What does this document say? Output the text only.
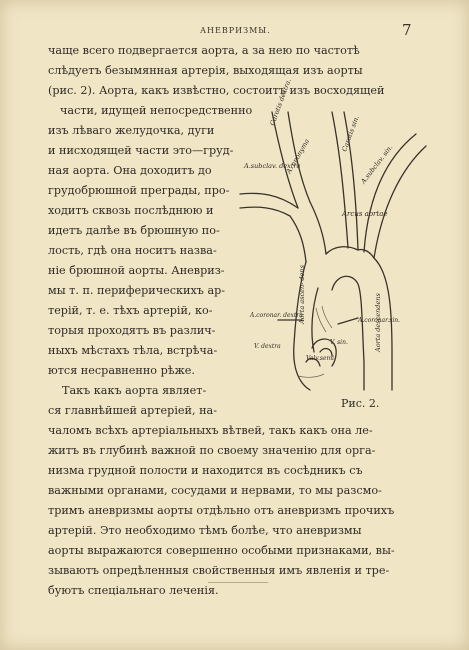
АНЕВРИЗМЫ.	7
чаще всего подвергается аорта, а за нею по частотѣ
слѣдуетъ безымянная артерія, выходящая изъ аорты
(рис. 2). Аорта, какъ извѣстно, состоитъ изъ восходящей
части, идущей непосредственно
изъ лѣваго желудочка, дуги
и нисходящей части это—груд-
ная аорта. Она доходитъ до
грудобрюшной преграды, про-
ходитъ сквозь послѣднюю и
идетъ далѣе въ брюшную по-
лость, гдѣ она носитъ назва-
ніе брюшной аорты. Аневриз-
мы т. п. периферическихъ ар-
терій, т. е. тѣхъ артерій, ко-
торыя проходятъ въ различ-
ныхъ мѣстахъ тѣла, встрѣча-
ются несравненно рѣже.
Такъ какъ аорта являет-
ся главнѣйшей артеріей, на-
чаломъ всѣхъ артеріальныхъ вѣтвей, такъ какъ она ле-
житъ въ глубинѣ важной по своему значенію для орга-
низма грудной полости и находится въ сосѣдникъ съ
важными органами, сосудами и нервами, то мы разсмо-
тримъ аневризмы аорты отдѣльно отъ аневризмъ прочихъ
артерій. Это необходимо тѣмъ болѣе, что аневризмы
аорты выражаются совершенно особыми признаками, вы-
зываютъ опредѣленныя свойственныя имъ явленія и тре-
буютъ спеціальнаго леченія.
Carotis dextra.
Carotis sin.
A.subclav. dextra
A. anonyma	A.subclav. sin.
Arcus aortae
Aorta ascen- dens	Aorta descendens
A.coronar. dextra
A.coronar.sin.
V. dextra
V. sin.
Valv.semi
Рис. 2.
